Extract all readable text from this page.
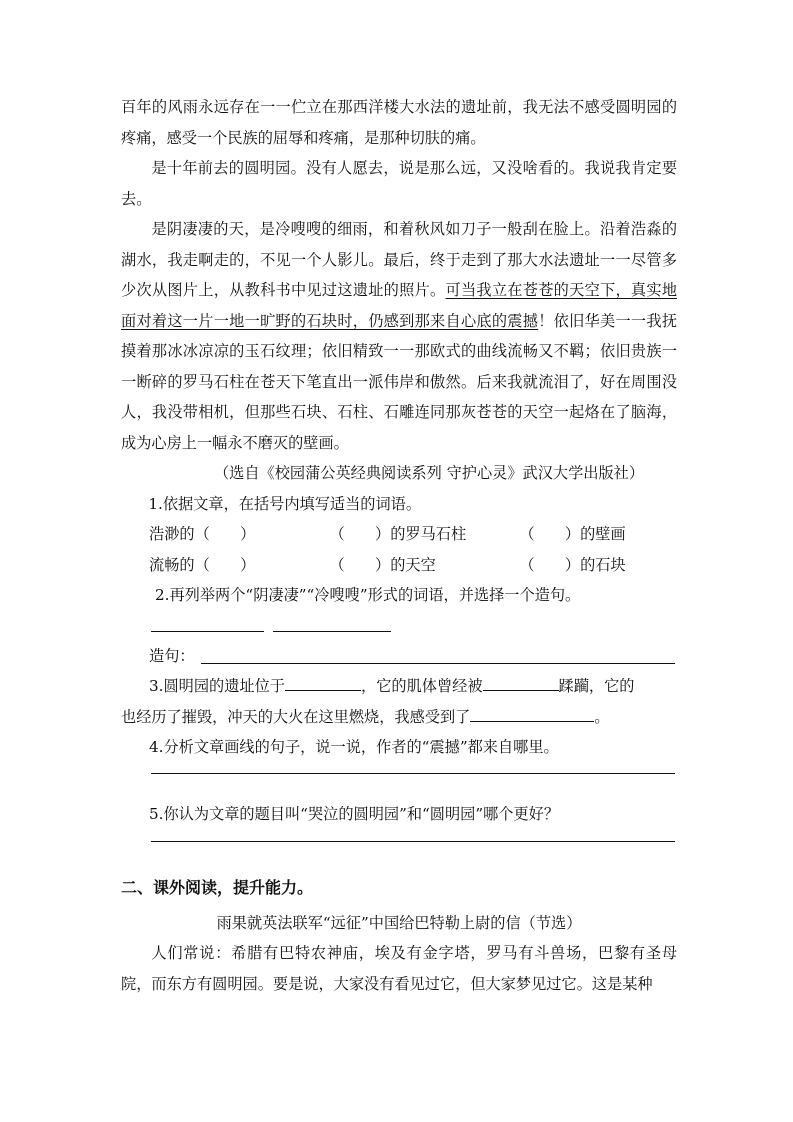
百年的风雨永远存在一一伫立在那西洋楼大水法的遗址前，我无法不感受圆明园的疼痛，感受一个民族的屈辱和疼痛，是那种切肤的痛。
是十年前去的圆明园。没有人愿去，说是那么远，又没啥看的。我说我肯定要去。
是阴凄凄的天，是冷嗖嗖的细雨，和着秋风如刀子一般刮在脸上。沿着浩淼的湖水，我走啊走的，不见一个人影儿。最后，终于走到了那大水法遗址一一尽管多少次从图片上，从教科书中见过这遗址的照片。可当我立在苍苍的天空下，真实地面对着这一片一地一旷野的石块时，仍感到那来自心底的震撼！依旧华美一一我抚摸着那冰冰凉凉的玉石纹理；依旧精致一一那欧式的曲线流畅又不羁；依旧贵族一一断碎的罗马石柱在苍天下笔直出一派伟岸和傲然。后来我就流泪了，好在周围没人，我没带相机，但那些石块、石柱、石雕连同那灰苍苍的天空一起烙在了脑海，成为心房上一幅永不磨灭的壁画。
（选自《校园蒲公英经典阅读系列 守护心灵》武汉大学出版社）
1.依据文章，在括号内填写适当的词语。
浩渺的（　　）	（　　）的罗马石柱	（　　）的壁画
流畅的（　　）	（　　）的天空	（　　）的石块
2.再列举两个“阴凄凄”“冷嗖嗖”形式的词语，并选择一个造句。
造句：
3.圆明园的遗址位于	，它的肌体曾经被	蹂躏，它的
也经历了摧毁，冲天的大火在这里燃烧，我感受到了	。
4.分析文章画线的句子，说一说，作者的“震撼”都来自哪里。
5.你认为文章的题目叫“哭泣的圆明园”和“圆明园”哪个更好？
二、课外阅读，提升能力。
雨果就英法联军“远征”中国给巴特勒上尉的信（节选）
人们常说：希腊有巴特农神庙，埃及有金字塔，罗马有斗兽场，巴黎有圣母院，而东方有圆明园。要是说，大家没有看见过它，但大家梦见过它。这是某种
